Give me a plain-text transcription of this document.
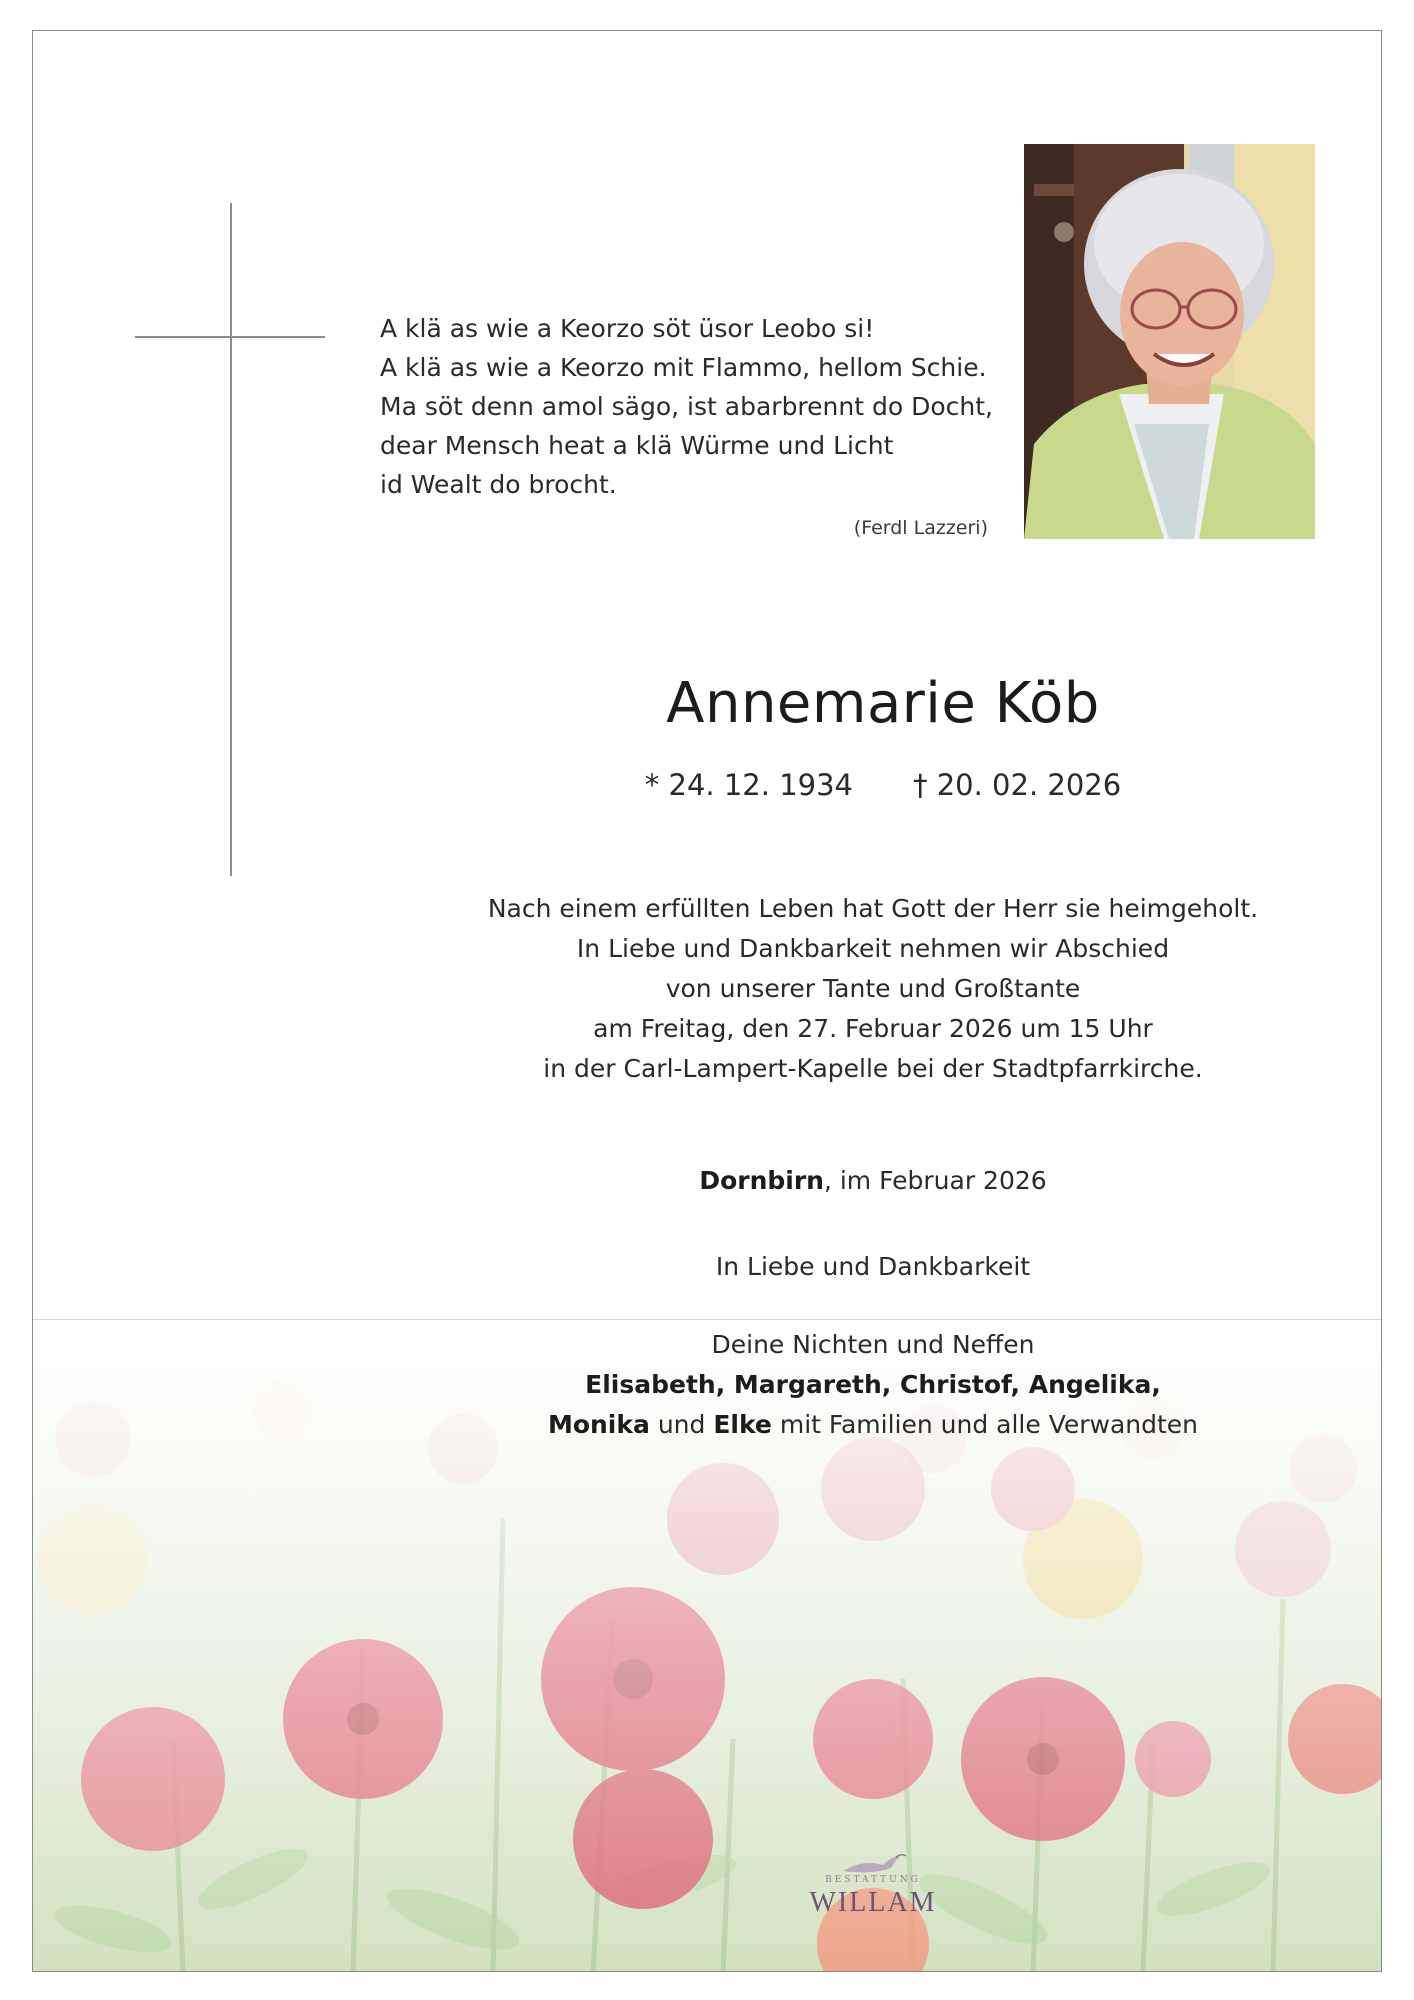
A klä as wie a Keorzo söt üsor Leobo si!
A klä as wie a Keorzo mit Flammo, hellom Schie.
Ma söt denn amol sägo, ist abarbrennt do Docht,
dear Mensch heat a klä Würme und Licht
id Wealt do brocht.
(Ferdl Lazzeri)
Annemarie Köb
* 24. 12. 1934 † 20. 02. 2026
Nach einem erfüllten Leben hat Gott der Herr sie heimgeholt.
In Liebe und Dankbarkeit nehmen wir Abschied
von unserer Tante und Großtante
am Freitag, den 27. Februar 2026 um 15 Uhr
in der Carl-Lampert-Kapelle bei der Stadtpfarrkirche.
Dornbirn, im Februar 2026
In Liebe und Dankbarkeit
Deine Nichten und Neffen
Elisabeth, Margareth, Christof, Angelika,
Monika und Elke mit Familien und alle Verwandten
BESTATTUNG
WILLAM
